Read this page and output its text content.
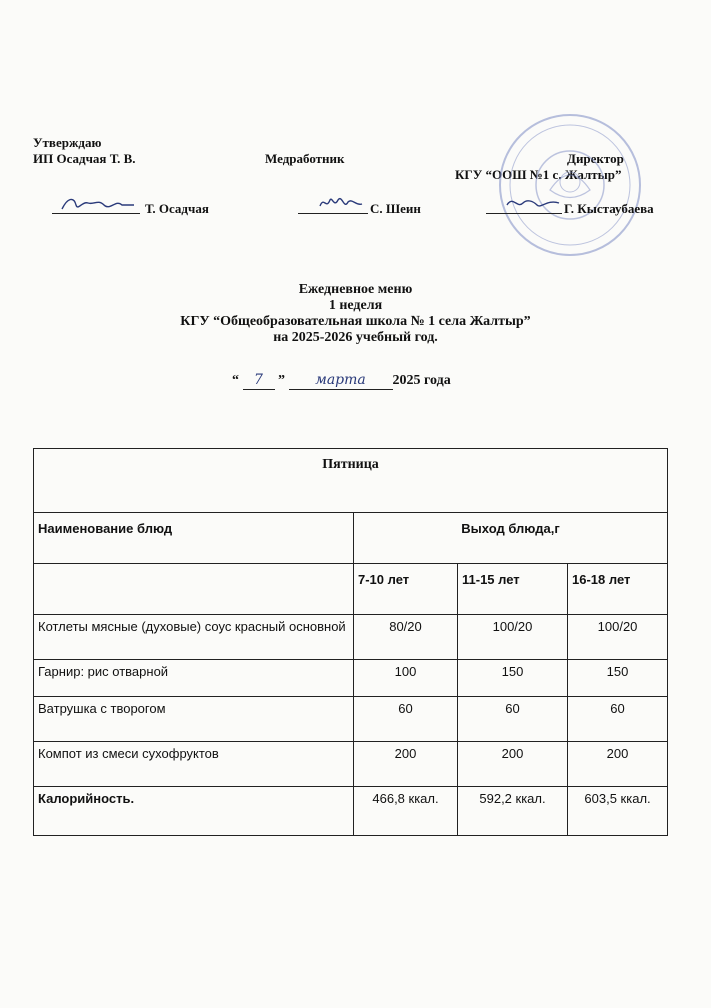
Утверждаю
ИП Осадчая Т. В.	Медработник	Директор
КГУ “ООШ №1 с. Жалтыр”
Т. Осадчая	С. Шеин	Г. Кыстаубаева
Ежедневное меню
1 неделя
КГУ “Общеобразовательная школа № 1 села Жалтыр”
на 2025-2026 учебный год.
“ 7 ” марта 2025 года
Пятница			
Наименование блюд	Выход блюда,г		
	7-10 лет	11-15 лет	16-18 лет
Котлеты мясные (духовые) соус красный основной	80/20	100/20	100/20
Гарнир: рис отварной	100	150	150
Ватрушка с творогом	60	60	60
Компот из смеси сухофруктов	200	200	200
Калорийность.	466,8 ккал.	592,2 ккал.	603,5 ккал.
